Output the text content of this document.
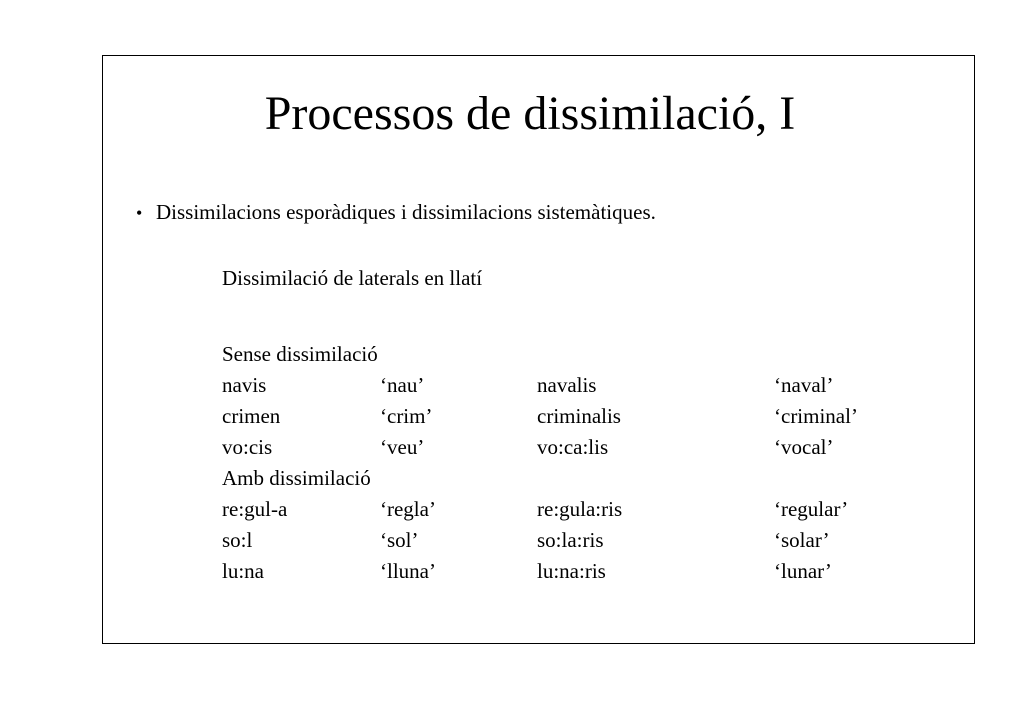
Processos de dissimilació, I
• Dissimilacions esporàdiques i dissimilacions sistemàtiques.
Dissimilació de laterals en llatí
Sense dissimilació
navis	‘nau’	navalis	‘naval’
crimen	‘crim’	criminalis	‘criminal’
vo:cis	‘veu’	vo:ca:lis	‘vocal’
Amb dissimilació
re:gul-a	‘regla’	re:gula:ris	‘regular’
so:l	‘sol’	so:la:ris	‘solar’
lu:na	‘lluna’	lu:na:ris	‘lunar’
